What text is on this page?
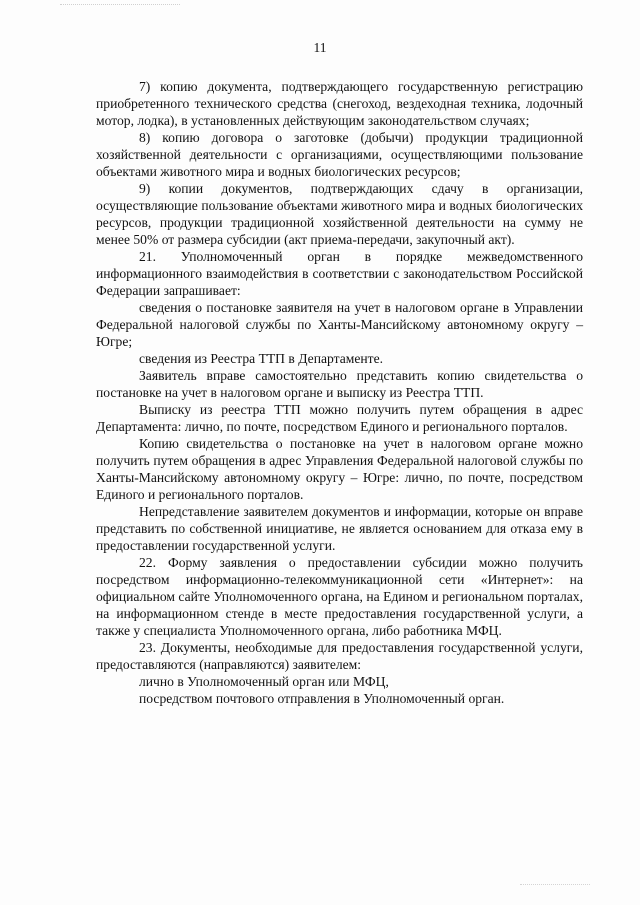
11

7) копию документа, подтверждающего государственную регистрацию приобретенного технического средства (снегоход, вездеходная техника, лодочный мотор, лодка), в установленных действующим законодательством случаях;

8) копию договора о заготовке (добычи) продукции традиционной хозяйственной деятельности с организациями, осуществляющими пользование объектами животного мира и водных биологических ресурсов;

9) копии документов, подтверждающих сдачу в организации, осуществляющие пользование объектами животного мира и водных биологических ресурсов, продукции традиционной хозяйственной деятельности на сумму не менее 50% от размера субсидии (акт приема-передачи, закупочный акт).

21. Уполномоченный орган в порядке межведомственного информационного взаимодействия в соответствии с законодательством Российской Федерации запрашивает:

сведения о постановке заявителя на учет в налоговом органе в Управлении Федеральной налоговой службы по Ханты-Мансийскому автономному округу – Югре;

сведения из Реестра ТТП в Департаменте.

Заявитель вправе самостоятельно представить копию свидетельства о постановке на учет в налоговом органе и выписку из Реестра ТТП.

Выписку из реестра ТТП можно получить путем обращения в адрес Департамента: лично, по почте, посредством Единого и регионального порталов.

Копию свидетельства о постановке на учет в налоговом органе можно получить путем обращения в адрес Управления Федеральной налоговой службы по Ханты-Мансийскому автономному округу – Югре: лично, по почте, посредством Единого и регионального порталов.

Непредставление заявителем документов и информации, которые он вправе представить по собственной инициативе, не является основанием для отказа ему в предоставлении государственной услуги.

22. Форму заявления о предоставлении субсидии можно получить посредством информационно-телекоммуникационной сети «Интернет»: на официальном сайте Уполномоченного органа, на Едином и региональном порталах, на информационном стенде в месте предоставления государственной услуги, а также у специалиста Уполномоченного органа, либо работника МФЦ.

23. Документы, необходимые для предоставления государственной услуги, предоставляются (направляются) заявителем:

лично в Уполномоченный орган или МФЦ,

посредством почтового отправления в Уполномоченный орган.
